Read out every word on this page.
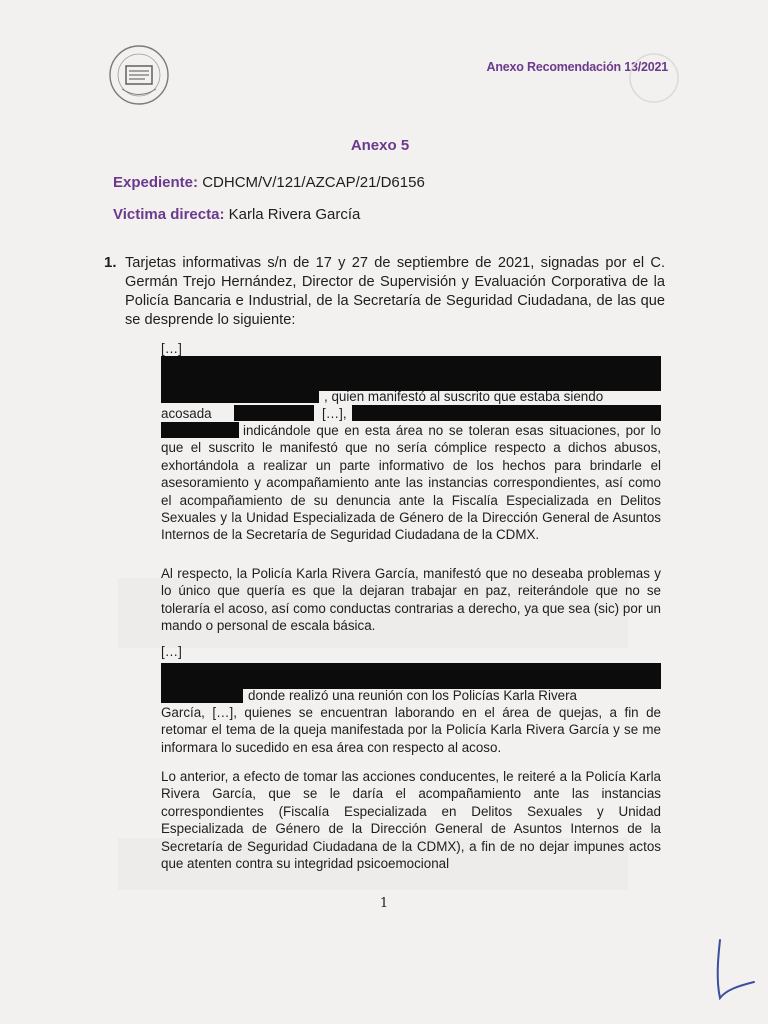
Anexo Recomendación 13/2021
Anexo 5
Expediente: CDHCM/V/121/AZCAP/21/D6156
Victima directa: Karla Rivera García
1. Tarjetas informativas s/n de 17 y 27 de septiembre de 2021, signadas por el C. Germán Trejo Hernández, Director de Supervisión y Evaluación Corporativa de la Policía Bancaria e Industrial, de la Secretaría de Seguridad Ciudadana, de las que se desprende lo siguiente:
[…]
, quien manifestó al suscrito que estaba siendo
acosada	[…],
indicándole que en esta área no se toleran esas situaciones, por lo que el suscrito le manifestó que no sería cómplice respecto a dichos abusos, exhortándola a realizar un parte informativo de los hechos para brindarle el asesoramiento y acompañamiento ante las instancias correspondientes, así como el acompañamiento de su denuncia ante la Fiscalía Especializada en Delitos Sexuales y la Unidad Especializada de Género de la Dirección General de Asuntos Internos de la Secretaría de Seguridad Ciudadana de la CDMX.
Al respecto, la Policía Karla Rivera García, manifestó que no deseaba problemas y lo único que quería es que la dejaran trabajar en paz, reiterándole que no se toleraría el acoso, así como conductas contrarias a derecho, ya que sea (sic) por un mando o personal de escala básica.
[…]
donde realizó una reunión con los Policías Karla Rivera
García, […], quienes se encuentran laborando en el área de quejas, a fin de retomar el tema de la queja manifestada por la Policía Karla Rivera García y se me informara lo sucedido en esa área con respecto al acoso.
Lo anterior, a efecto de tomar las acciones conducentes, le reiteré a la Policía Karla Rivera García, que se le daría el acompañamiento ante las instancias correspondientes (Fiscalía Especializada en Delitos Sexuales y Unidad Especializada de Género de la Dirección General de Asuntos Internos de la Secretaría de Seguridad Ciudadana de la CDMX), a fin de no dejar impunes actos que atenten contra su integridad psicoemocional
1
